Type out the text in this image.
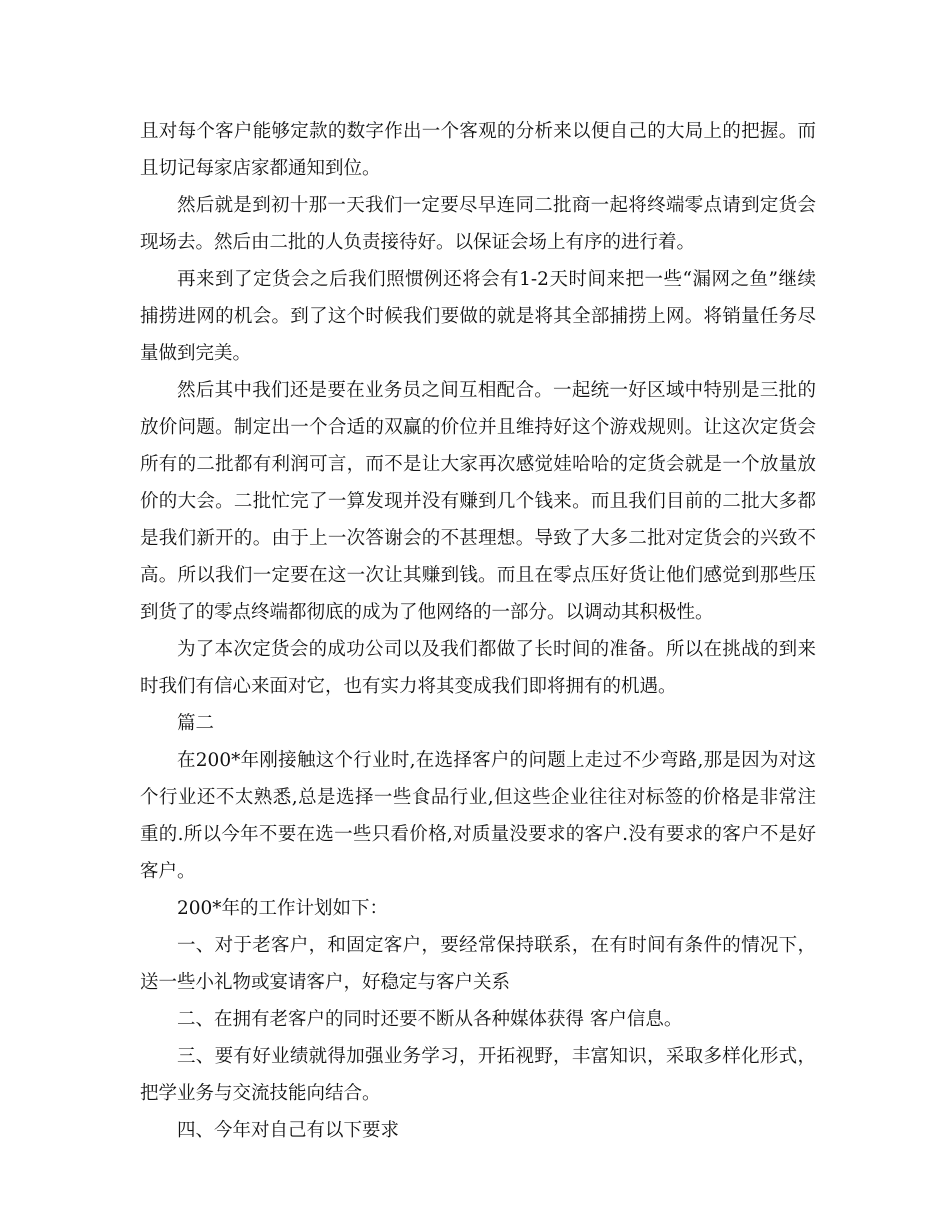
且对每个客户能够定款的数字作出一个客观的分析来以便自己的大局上的把握。而且切记每家店家都通知到位。

然后就是到初十那一天我们一定要尽早连同二批商一起将终端零点请到定货会现场去。然后由二批的人负责接待好。以保证会场上有序的进行着。

再来到了定货会之后我们照惯例还将会有1-2天时间来把一些“漏网之鱼”继续捕捞进网的机会。到了这个时候我们要做的就是将其全部捕捞上网。将销量任务尽量做到完美。

然后其中我们还是要在业务员之间互相配合。一起统一好区域中特别是三批的放价问题。制定出一个合适的双赢的价位并且维持好这个游戏规则。让这次定货会所有的二批都有利润可言，而不是让大家再次感觉娃哈哈的定货会就是一个放量放价的大会。二批忙完了一算发现并没有赚到几个钱来。而且我们目前的二批大多都是我们新开的。由于上一次答谢会的不甚理想。导致了大多二批对定货会的兴致不高。所以我们一定要在这一次让其赚到钱。而且在零点压好货让他们感觉到那些压到货了的零点终端都彻底的成为了他网络的一部分。以调动其积极性。

为了本次定货会的成功公司以及我们都做了长时间的准备。所以在挑战的到来时我们有信心来面对它，也有实力将其变成我们即将拥有的机遇。

篇二

在200*年刚接触这个行业时,在选择客户的问题上走过不少弯路,那是因为对这个行业还不太熟悉,总是选择一些食品行业,但这些企业往往对标签的价格是非常注重的.所以今年不要在选一些只看价格,对质量没要求的客户.没有要求的客户不是好客户。

200*年的工作计划如下：

一、对于老客户，和固定客户，要经常保持联系，在有时间有条件的情况下，送一些小礼物或宴请客户，好稳定与客户关系

二、在拥有老客户的同时还要不断从各种媒体获得 客户信息。

三、要有好业绩就得加强业务学习，开拓视野，丰富知识，采取多样化形式，把学业务与交流技能向结合。

四、今年对自己有以下要求
